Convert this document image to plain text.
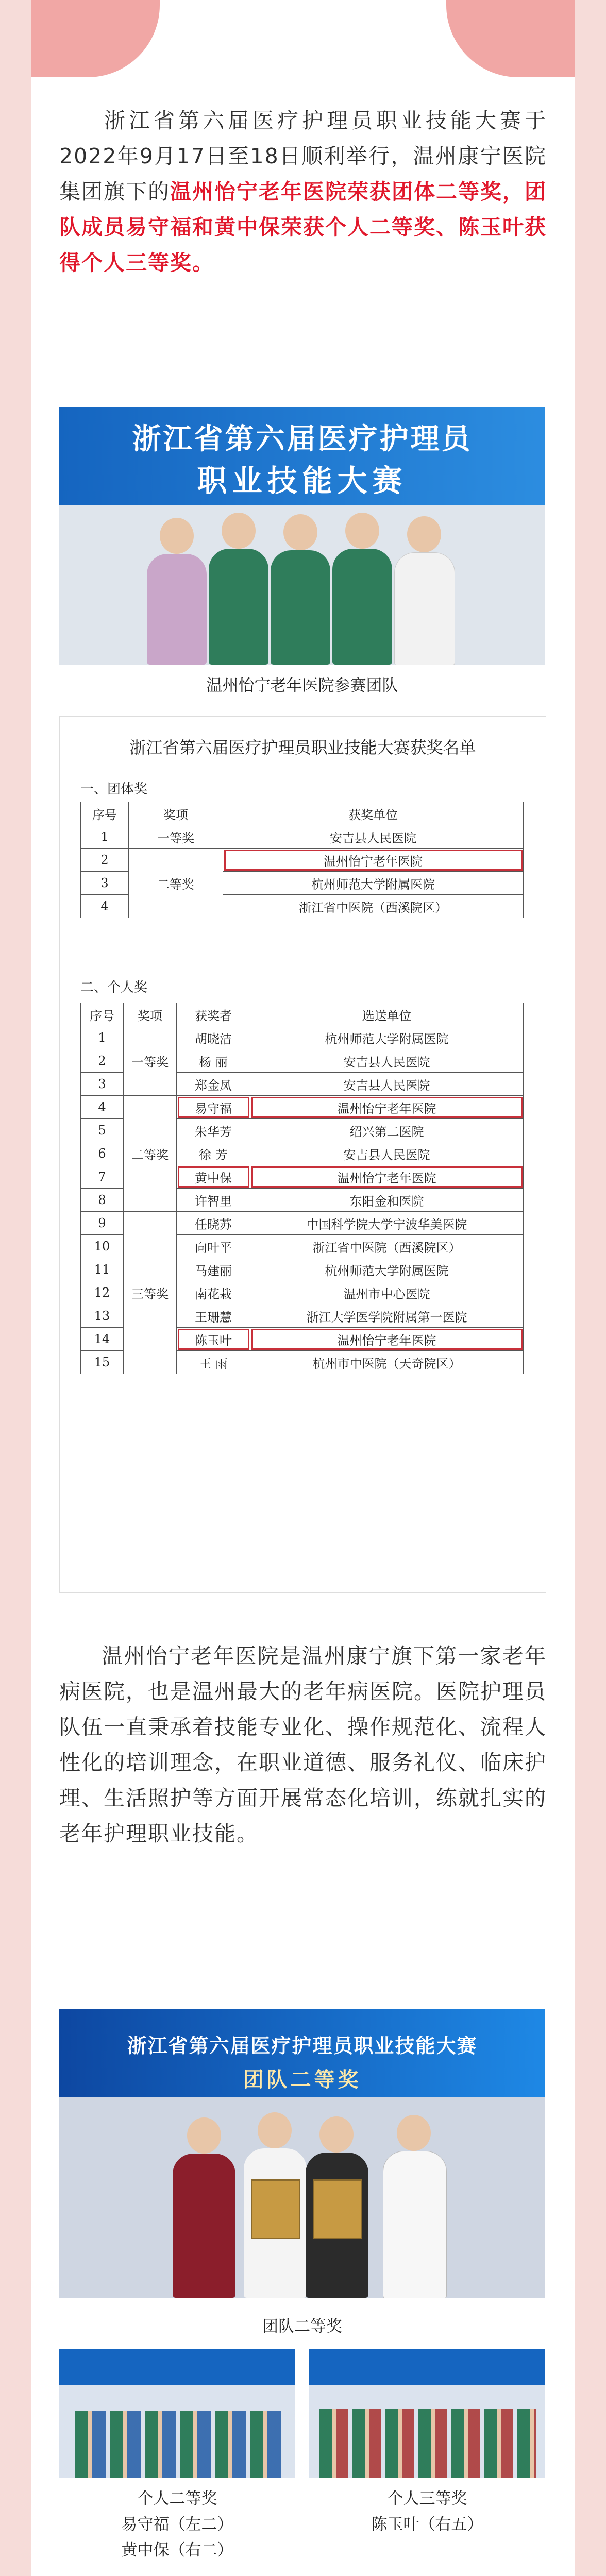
浙江省第六届医疗护理员职业技能大赛于2022年9月17日至18日顺利举行，温州康宁医院集团旗下的温州怡宁老年医院荣获团体二等奖，团队成员易守福和黄中保荣获个人二等奖、陈玉叶获得个人三等奖。
浙江省第六届医疗护理员
职业技能大赛
温州怡宁老年医院参赛团队
浙江省第六届医疗护理员职业技能大赛获奖名单
一、团体奖
序号	奖项	获奖单位
1	一等奖	安吉县人民医院
2	二等奖	温州怡宁老年医院
3		杭州师范大学附属医院
4		浙江省中医院（西溪院区）
二、个人奖
序号	奖项	获奖者	选送单位
1	一等奖	胡晓洁	杭州师范大学附属医院
2		杨 丽	安吉县人民医院
3		郑金凤	安吉县人民医院
4	二等奖	易守福	温州怡宁老年医院
5		朱华芳	绍兴第二医院
6		徐 芳	安吉县人民医院
7		黄中保	温州怡宁老年医院
8		许智里	东阳金和医院
9	三等奖	任晓苏	中国科学院大学宁波华美医院
10		向叶平	浙江省中医院（西溪院区）
11		马建丽	杭州师范大学附属医院
12		南花栽	温州市中心医院
13		王珊慧	浙江大学医学院附属第一医院
14		陈玉叶	温州怡宁老年医院
15		王 雨	杭州市中医院（天奇院区）
温州怡宁老年医院是温州康宁旗下第一家老年病医院，也是温州最大的老年病医院。医院护理员队伍一直秉承着技能专业化、操作规范化、流程人性化的培训理念，在职业道德、服务礼仪、临床护理、生活照护等方面开展常态化培训，练就扎实的老年护理职业技能。
浙江省第六届医疗护理员职业技能大赛
团队二等奖
团队二等奖
个人二等奖
易守福（左二）
黄中保（右二）
个人三等奖
陈玉叶（右五）
